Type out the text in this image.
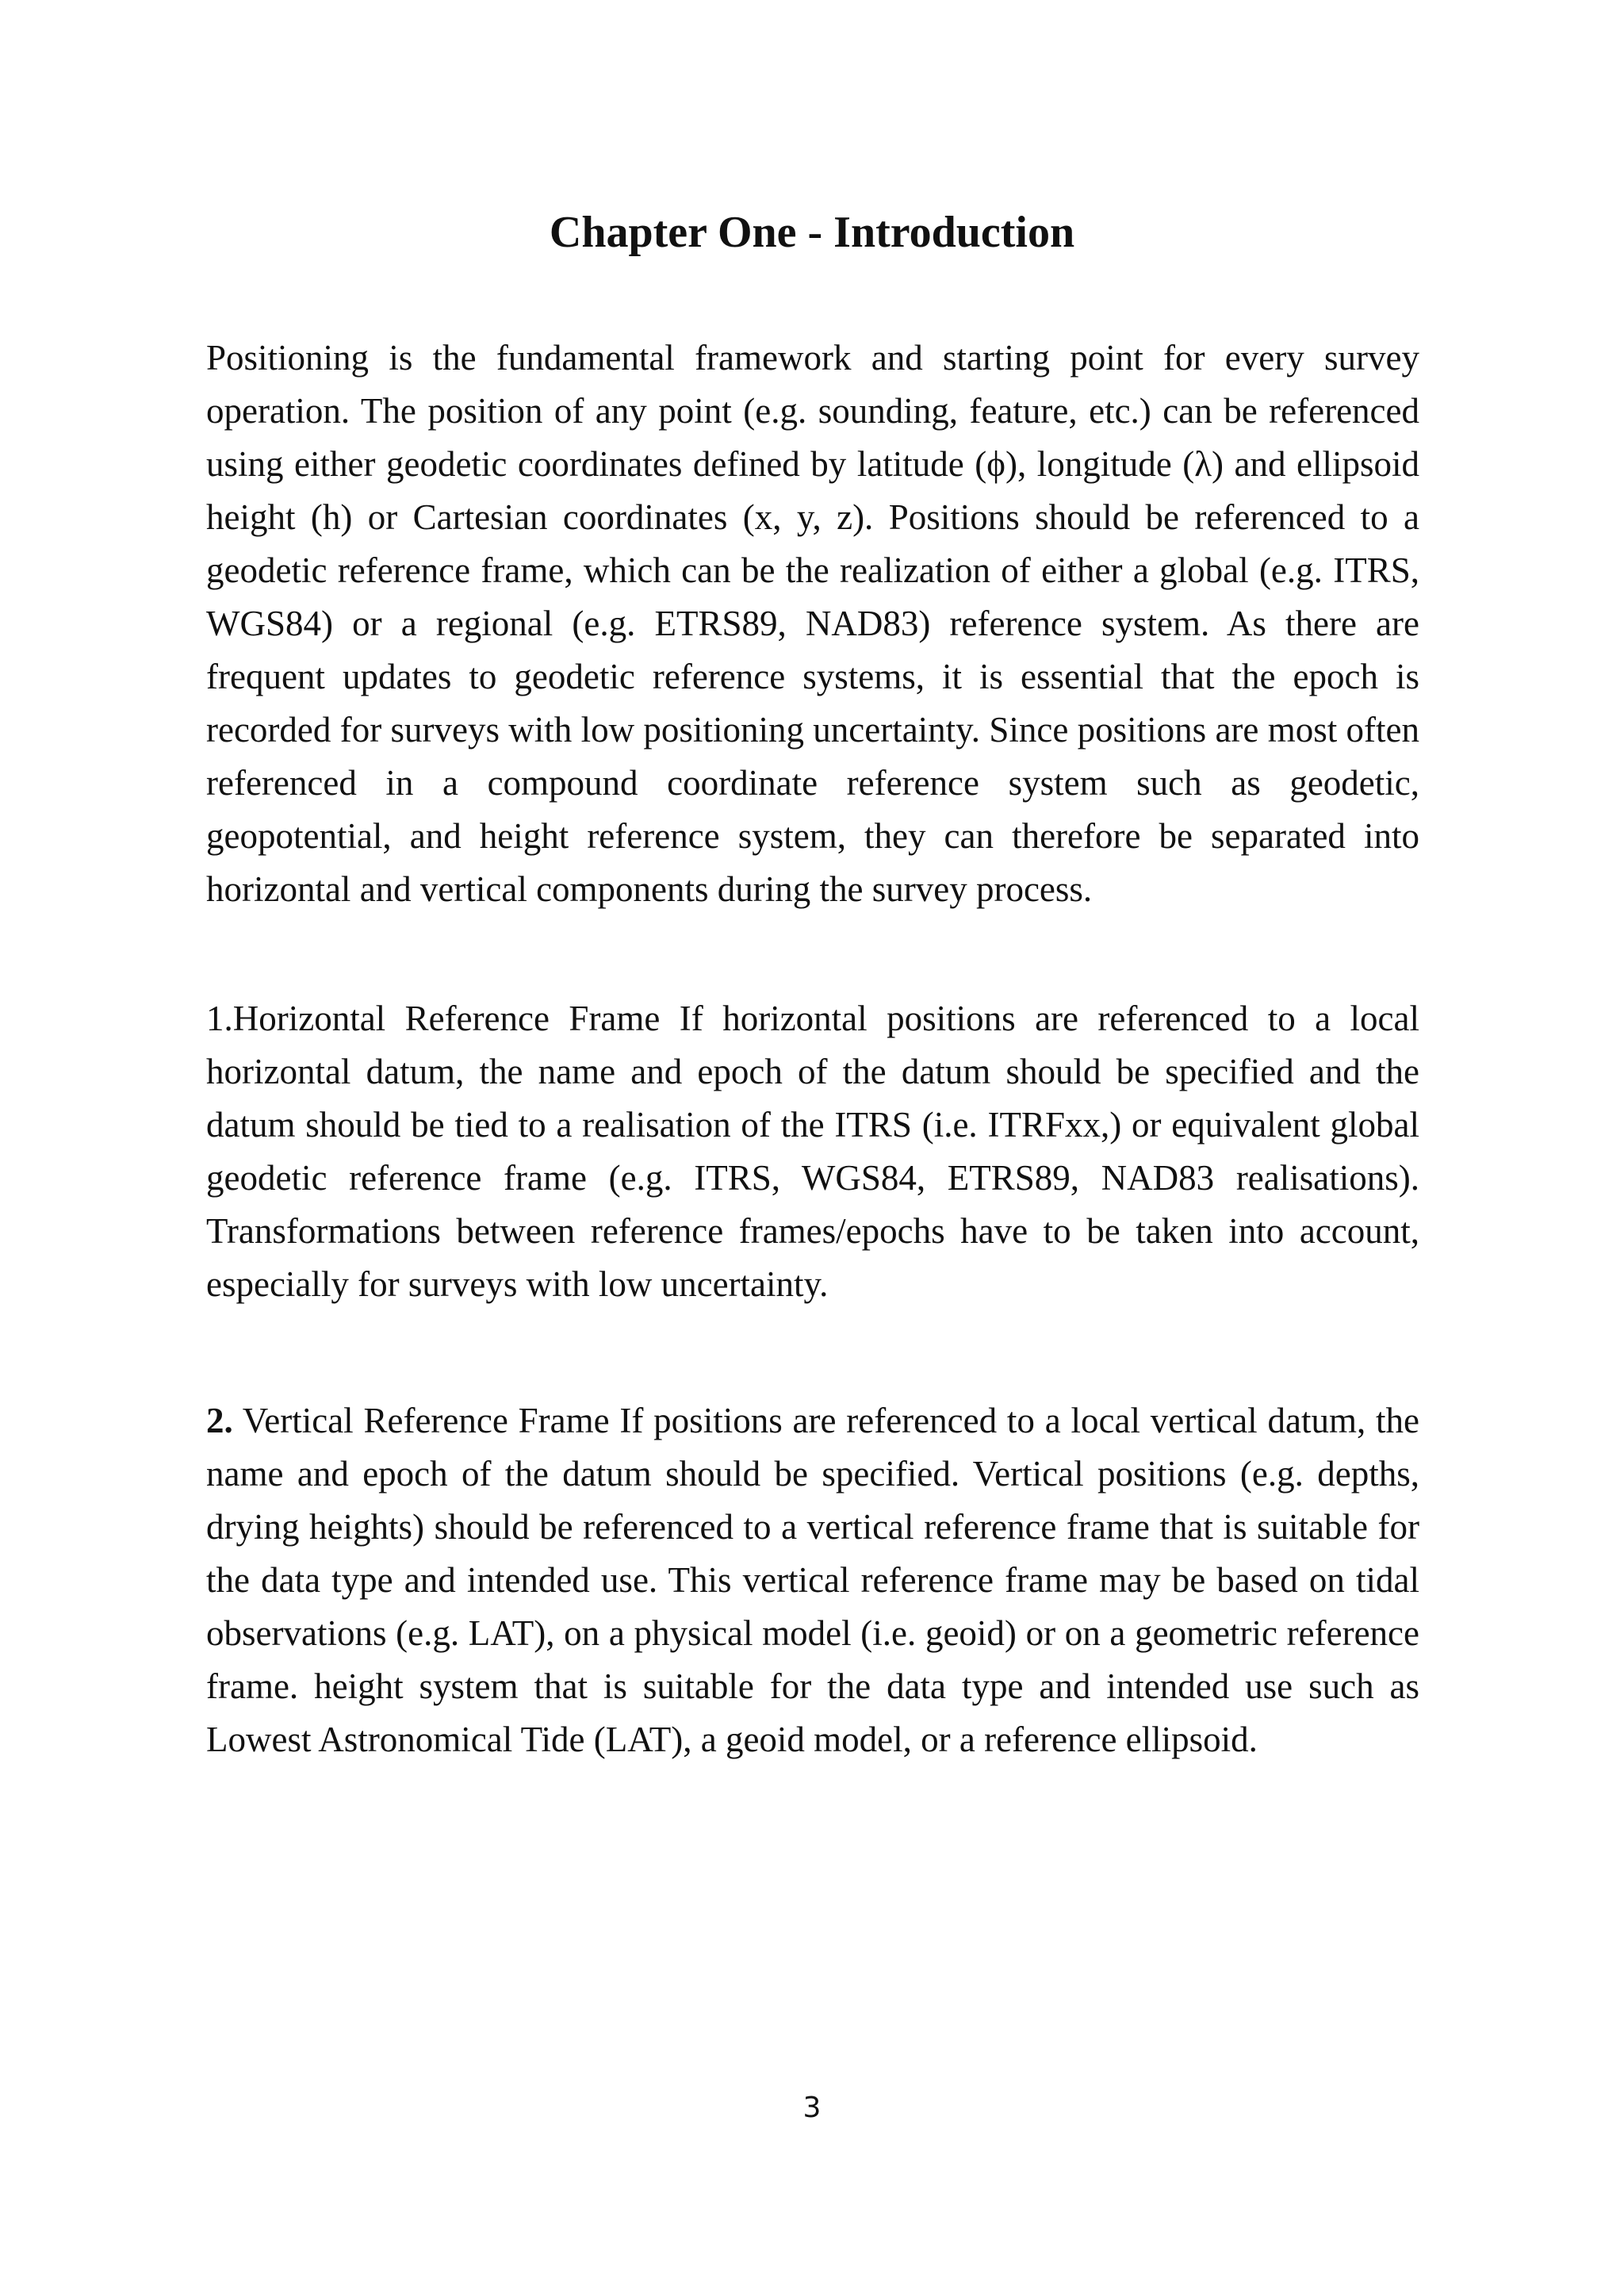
Chapter One - Introduction

Positioning is the fundamental framework and starting point for every survey operation. The position of any point (e.g. sounding, feature, etc.) can be referenced using either geodetic coordinates defined by latitude (ϕ), longitude (λ) and ellipsoid height (h) or Cartesian coordinates (x, y, z). Positions should be referenced to a geodetic reference frame, which can be the realization of either a global (e.g. ITRS, WGS84) or a regional (e.g. ETRS89, NAD83) reference system. As there are frequent updates to geodetic reference systems, it is essential that the epoch is recorded for surveys with low positioning uncertainty. Since positions are most often referenced in a compound coordinate reference system such as geodetic, geopotential, and height reference system, they can therefore be separated into horizontal and vertical components during the survey process.

1.Horizontal Reference Frame If horizontal positions are referenced to a local horizontal datum, the name and epoch of the datum should be specified and the datum should be tied to a realisation of the ITRS (i.e. ITRFxx,) or equivalent global geodetic reference frame (e.g. ITRS, WGS84, ETRS89, NAD83 realisations). Transformations between reference frames/epochs have to be taken into account, especially for surveys with low uncertainty.

2. Vertical Reference Frame If positions are referenced to a local vertical datum, the name and epoch of the datum should be specified. Vertical positions (e.g. depths, drying heights) should be referenced to a vertical reference frame that is suitable for the data type and intended use. This vertical reference frame may be based on tidal observations (e.g. LAT), on a physical model (i.e. geoid) or on a geometric reference frame. height system that is suitable for the data type and intended use such as Lowest Astronomical Tide (LAT), a geoid model, or a reference ellipsoid.

3
